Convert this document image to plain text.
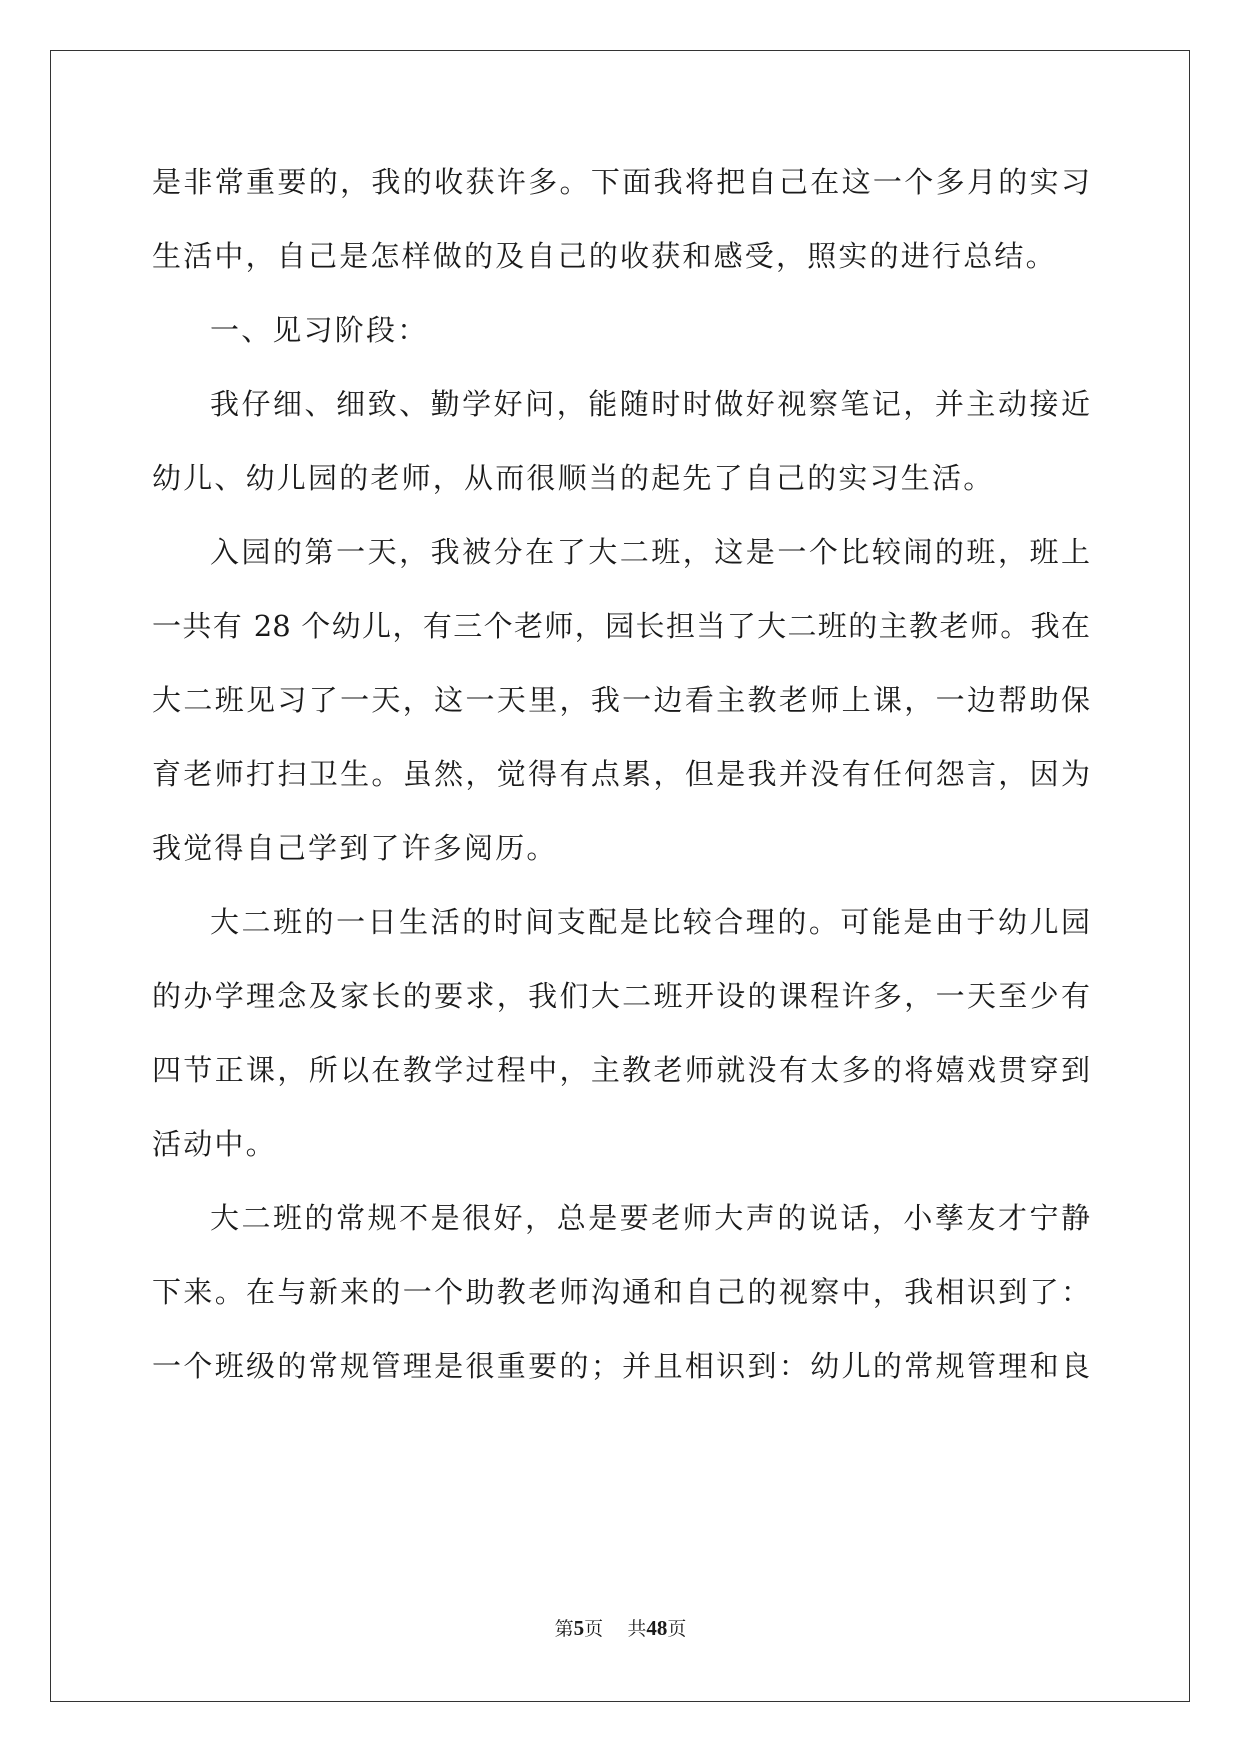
是非常重要的，我的收获许多。下面我将把自己在这一个多月的实习
生活中，自己是怎样做的及自己的收获和感受，照实的进行总结。
一、见习阶段：
我仔细、细致、勤学好问，能随时时做好视察笔记，并主动接近
幼儿、幼儿园的老师，从而很顺当的起先了自己的实习生活。
入园的第一天，我被分在了大二班，这是一个比较闹的班，班上
一共有 28 个幼儿，有三个老师，园长担当了大二班的主教老师。我在
大二班见习了一天，这一天里，我一边看主教老师上课，一边帮助保
育老师打扫卫生。虽然，觉得有点累，但是我并没有任何怨言，因为
我觉得自己学到了许多阅历。
大二班的一日生活的时间支配是比较合理的。可能是由于幼儿园
的办学理念及家长的要求，我们大二班开设的课程许多，一天至少有
四节正课，所以在教学过程中，主教老师就没有太多的将嬉戏贯穿到
活动中。
大二班的常规不是很好，总是要老师大声的说话，小孳友才宁静
下来。在与新来的一个助教老师沟通和自己的视察中，我相识到了：
一个班级的常规管理是很重要的；并且相识到：幼儿的常规管理和良
第5页 共48页
